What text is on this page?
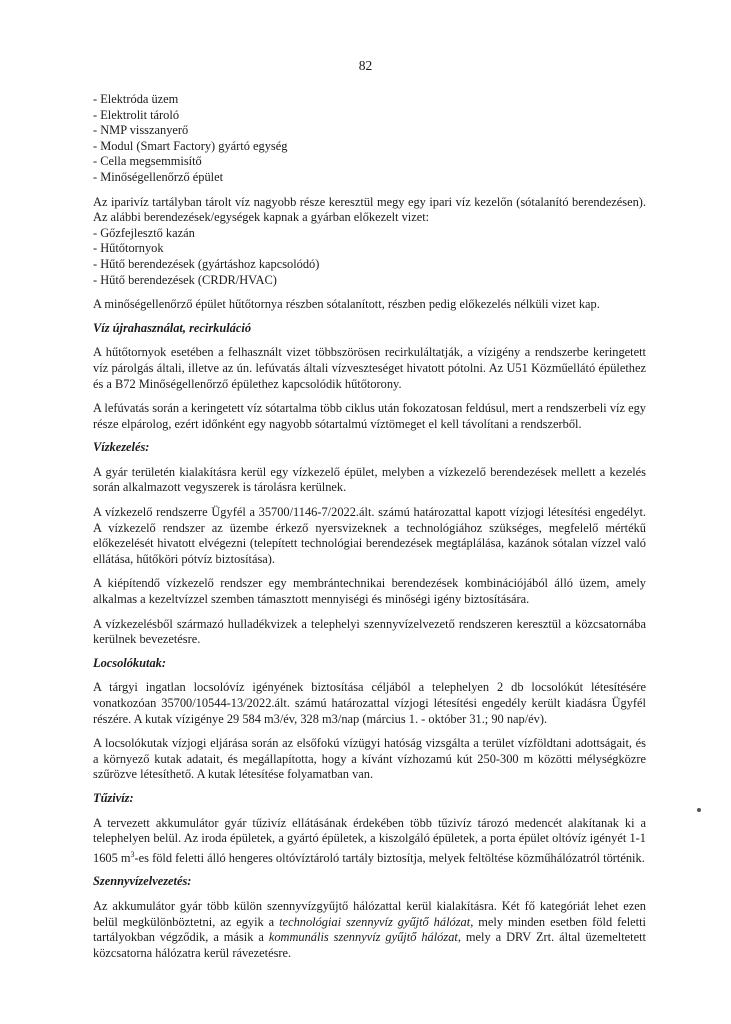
82
- Elektróda üzem
- Elektrolit tároló
- NMP visszanyerő
- Modul (Smart Factory) gyártó egység
- Cella megsemmisítő
- Minőségellenőrző épület

Az iparivíz tartályban tárolt víz nagyobb része keresztül megy egy ipari víz kezelőn (sótalanító berendezésen). Az alábbi berendezések/egységek kapnak a gyárban előkezelt vizet:

- Gőzfejlesztő kazán
- Hűtőtornyok
- Hűtő berendezések (gyártáshoz kapcsolódó)
- Hűtő berendezések (CRDR/HVAC)

A minőségellenőrző épület hűtőtornya részben sótalanított, részben pedig előkezelés nélküli vizet kap.

Víz újrahasználat, recirkuláció

A hűtőtornyok esetében a felhasznált vizet többszörösen recirkuláltatják, a vízigény a rendszerbe keringetett víz párolgás általi, illetve az ún. lefúvatás általi vízveszteséget hivatott pótolni. Az U51 Közműellátó épülethez és a B72 Minőségellenőrző épülethez kapcsolódik hűtőtorony.

A lefúvatás során a keringetett víz sótartalma több ciklus után fokozatosan feldúsul, mert a rendszerbeli víz egy része elpárolog, ezért időnként egy nagyobb sótartalmú víztömeget el kell távolítani a rendszerből.

Vízkezelés:

A gyár területén kialakításra kerül egy vízkezelő épület, melyben a vízkezelő berendezések mellett a kezelés során alkalmazott vegyszerek is tárolásra kerülnek.

A vízkezelő rendszerre Ügyfél a 35700/1146-7/2022.ált. számú határozattal kapott vízjogi létesítési engedélyt. A vízkezelő rendszer az üzembe érkező nyersvizeknek a technológiához szükséges, megfelelő mértékű előkezelését hivatott elvégezni (telepített technológiai berendezések megtáplálása, kazánok sótalan vízzel való ellátása, hűtőköri pótvíz biztosítása).

A kiépítendő vízkezelő rendszer egy membrántechnikai berendezések kombinációjából álló üzem, amely alkalmas a kezeltvízzel szemben támasztott mennyiségi és minőségi igény biztosítására.

A vízkezelésből származó hulladékvizek a telephelyi szennyvízelvezető rendszeren keresztül a közcsatornába kerülnek bevezetésre.

Locsolókutak:

A tárgyi ingatlan locsolóvíz igényének biztosítása céljából a telephelyen 2 db locsolókút létesítésére vonatkozóan 35700/10544-13/2022.ált. számú határozattal vízjogi létesítési engedély került kiadásra Ügyfél részére. A kutak vízigénye 29 584 m3/év, 328 m3/nap (március 1. - október 31.; 90 nap/év).

A locsolókutak vízjogi eljárása során az elsőfokú vízügyi hatóság vizsgálta a terület vízföldtani adottságait, és a környező kutak adatait, és megállapította, hogy a kívánt vízhozamú kút 250-300 m közötti mélységközre szűrözve létesíthető. A kutak létesítése folyamatban van.

Tűzivíz:

A tervezett akkumulátor gyár tűzivíz ellátásának érdekében több tűzivíz tározó medencét alakítanak ki a telephelyen belül. Az iroda épületek, a gyártó épületek, a kiszolgáló épületek, a porta épület oltóvíz igényét 1-1 1605 $m^3-es$ föld feletti álló hengeres oltóvíztároló tartály biztosítja, melyek feltöltése közműhálózatról történik.

Szennyvízelvezetés:

Az akkumulátor gyár több külön szennyvízgyűjtő hálózattal kerül kialakításra. Két fő kategóriát lehet ezen belül megkülönböztetni, az egyik a technológiai szennyvíz gyűjtő hálózat, mely minden esetben föld feletti tartályokban végződik, a másik a kommunális szennyvíz gyűjtő hálózat, mely a DRV Zrt. által üzemeltetett közcsatorna hálózatra kerül rávezetésre.
